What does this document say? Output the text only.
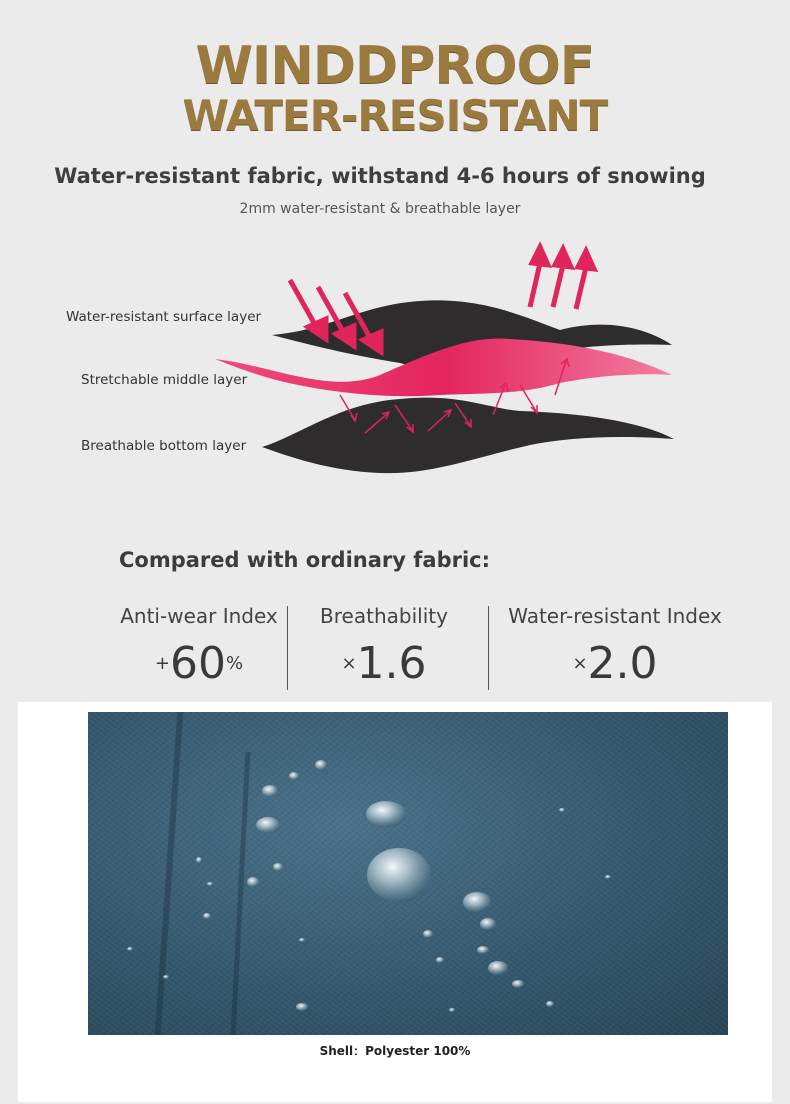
WINDDPROOF
WATER-RESISTANT
Water-resistant fabric, withstand 4-6 hours of snowing
2mm water-resistant & breathable layer
Water-resistant surface layer
Stretchable middle layer
Breathable bottom layer
Compared with ordinary fabric:
Anti-wear Index
+60%
Breathability
×1.6
Water-resistant Index
×2.0
Shell：Polyester 100%
